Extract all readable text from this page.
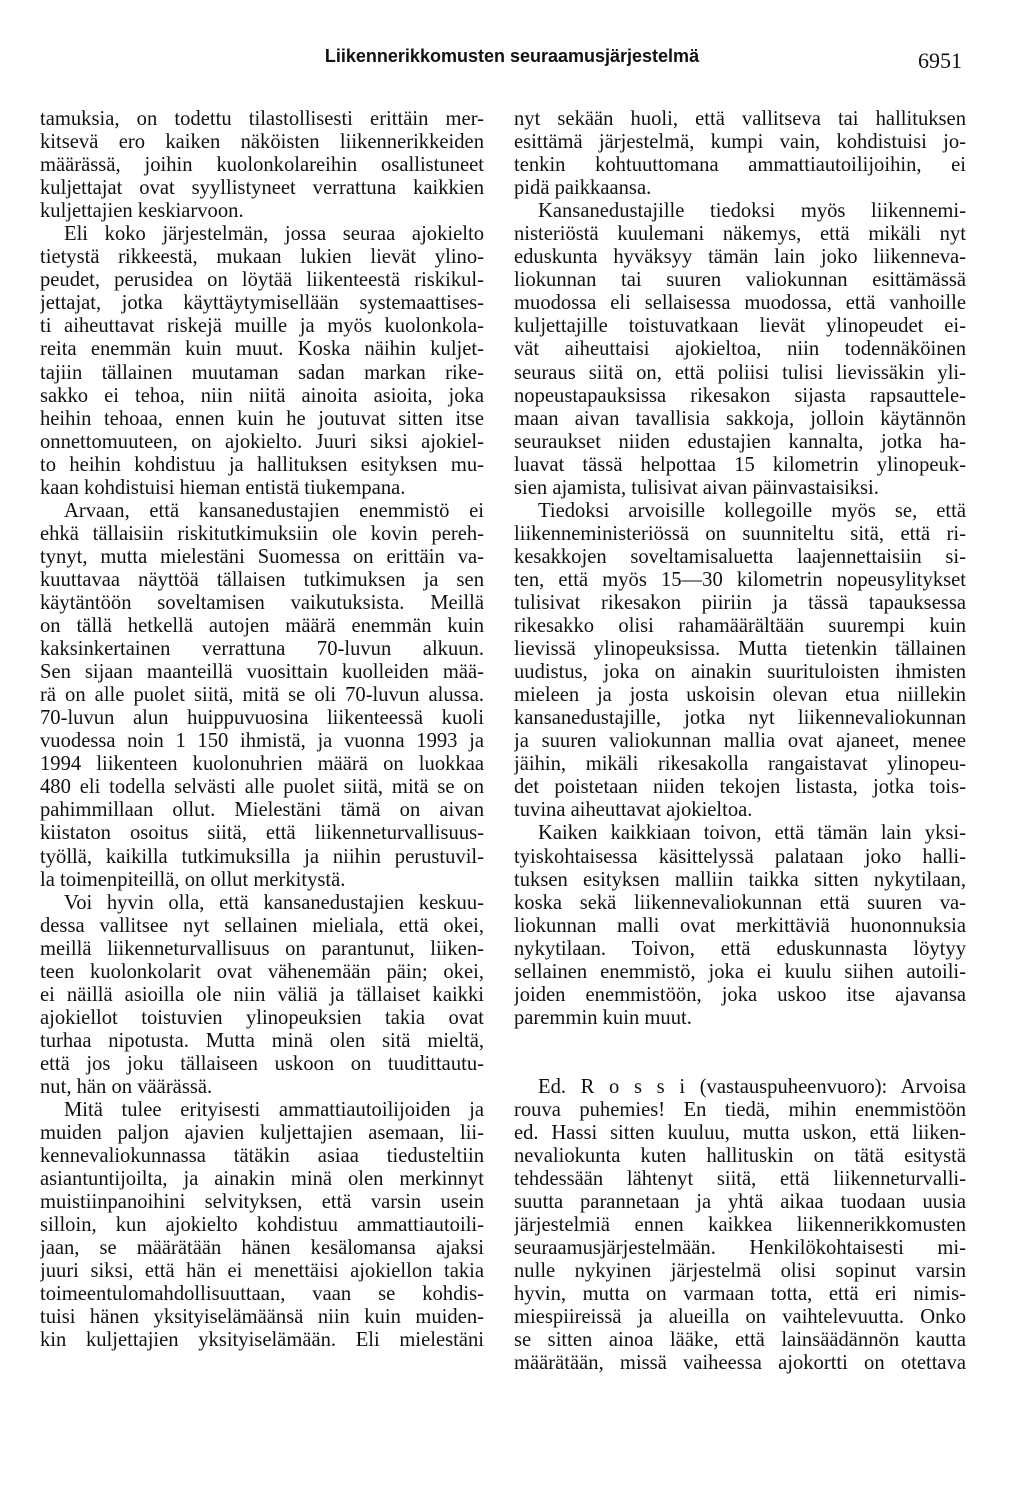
Liikennerikkomusten seuraamusjärjestelmä	6951
tamuksia, on todettu tilastollisesti erittäin mer-
kitsevä ero kaiken näköisten liikennerikkeiden
määrässä, joihin kuolonkolareihin osallistuneet
kuljettajat ovat syyllistyneet verrattuna kaikkien
kuljettajien keskiarvoon.
Eli koko järjestelmän, jossa seuraa ajokielto
tietystä rikkeestä, mukaan lukien lievät ylino-
peudet, perusidea on löytää liikenteestä riskikul-
jettajat, jotka käyttäytymisellään systemaattises-
ti aiheuttavat riskejä muille ja myös kuolonkola-
reita enemmän kuin muut. Koska näihin kuljet-
tajiin tällainen muutaman sadan markan rike-
sakko ei tehoa, niin niitä ainoita asioita, joka
heihin tehoaa, ennen kuin he joutuvat sitten itse
onnettomuuteen, on ajokielto. Juuri siksi ajokiel-
to heihin kohdistuu ja hallituksen esityksen mu-
kaan kohdistuisi hieman entistä tiukempana.
Arvaan, että kansanedustajien enemmistö ei
ehkä tällaisiin riskitutkimuksiin ole kovin pereh-
tynyt, mutta mielestäni Suomessa on erittäin va-
kuuttavaa näyttöä tällaisen tutkimuksen ja sen
käytäntöön soveltamisen vaikutuksista. Meillä
on tällä hetkellä autojen määrä enemmän kuin
kaksinkertainen verrattuna 70-luvun alkuun.
Sen sijaan maanteillä vuosittain kuolleiden mää-
rä on alle puolet siitä, mitä se oli 70-luvun alussa.
70-luvun alun huippuvuosina liikenteessä kuoli
vuodessa noin 1 150 ihmistä, ja vuonna 1993 ja
1994 liikenteen kuolonuhrien määrä on luokkaa
480 eli todella selvästi alle puolet siitä, mitä se on
pahimmillaan ollut. Mielestäni tämä on aivan
kiistaton osoitus siitä, että liikenneturvallisuus-
työllä, kaikilla tutkimuksilla ja niihin perustuvil-
la toimenpiteillä, on ollut merkitystä.
Voi hyvin olla, että kansanedustajien keskuu-
dessa vallitsee nyt sellainen mieliala, että okei,
meillä liikenneturvallisuus on parantunut, liiken-
teen kuolonkolarit ovat vähenemään päin; okei,
ei näillä asioilla ole niin väliä ja tällaiset kaikki
ajokiellot toistuvien ylinopeuksien takia ovat
turhaa nipotusta. Mutta minä olen sitä mieltä,
että jos joku tällaiseen uskoon on tuudittautu-
nut, hän on väärässä.
Mitä tulee erityisesti ammattiautoilijoiden ja
muiden paljon ajavien kuljettajien asemaan, lii-
kennevaliokunnassa tätäkin asiaa tiedusteltiin
asiantuntijoilta, ja ainakin minä olen merkinnyt
muistiinpanoihini selvityksen, että varsin usein
silloin, kun ajokielto kohdistuu ammattiautoili-
jaan, se määrätään hänen kesälomansa ajaksi
juuri siksi, että hän ei menettäisi ajokiellon takia
toimeentulomahdollisuuttaan, vaan se kohdis-
tuisi hänen yksityiselämäänsä niin kuin muiden-
kin kuljettajien yksityiselämään. Eli mielestäni
nyt sekään huoli, että vallitseva tai hallituksen
esittämä järjestelmä, kumpi vain, kohdistuisi jo-
tenkin kohtuuttomana ammattiautoilijoihin, ei
pidä paikkaansa.
Kansanedustajille tiedoksi myös liikennemi-
nisteriöstä kuulemani näkemys, että mikäli nyt
eduskunta hyväksyy tämän lain joko liikenneva-
liokunnan tai suuren valiokunnan esittämässä
muodossa eli sellaisessa muodossa, että vanhoille
kuljettajille toistuvatkaan lievät ylinopeudet ei-
vät aiheuttaisi ajokieltoa, niin todennäköinen
seuraus siitä on, että poliisi tulisi lievissäkin yli-
nopeustapauksissa rikesakon sijasta rapsauttele-
maan aivan tavallisia sakkoja, jolloin käytännön
seuraukset niiden edustajien kannalta, jotka ha-
luavat tässä helpottaa 15 kilometrin ylinopeuk-
sien ajamista, tulisivat aivan päinvastaisiksi.
Tiedoksi arvoisille kollegoille myös se, että
liikenneministeriössä on suunniteltu sitä, että ri-
kesakkojen soveltamisaluetta laajennettaisiin si-
ten, että myös 15—30 kilometrin nopeusylitykset
tulisivat rikesakon piiriin ja tässä tapauksessa
rikesakko olisi rahamäärältään suurempi kuin
lievissä ylinopeuksissa. Mutta tietenkin tällainen
uudistus, joka on ainakin suurituloisten ihmisten
mieleen ja josta uskoisin olevan etua niillekin
kansanedustajille, jotka nyt liikennevaliokunnan
ja suuren valiokunnan mallia ovat ajaneet, menee
jäihin, mikäli rikesakolla rangaistavat ylinopeu-
det poistetaan niiden tekojen listasta, jotka tois-
tuvina aiheuttavat ajokieltoa.
Kaiken kaikkiaan toivon, että tämän lain yksi-
tyiskohtaisessa käsittelyssä palataan joko halli-
tuksen esityksen malliin taikka sitten nykytilaan,
koska sekä liikennevaliokunnan että suuren va-
liokunnan malli ovat merkittäviä huononnuksia
nykytilaan. Toivon, että eduskunnasta löytyy
sellainen enemmistö, joka ei kuulu siihen autoili-
joiden enemmistöön, joka uskoo itse ajavansa
paremmin kuin muut.
Ed. R o s s i (vastauspuheenvuoro): Arvoisa
rouva puhemies! En tiedä, mihin enemmistöön
ed. Hassi sitten kuuluu, mutta uskon, että liiken-
nevaliokunta kuten hallituskin on tätä esitystä
tehdessään lähtenyt siitä, että liikenneturvalli-
suutta parannetaan ja yhtä aikaa tuodaan uusia
järjestelmiä ennen kaikkea liikennerikkomusten
seuraamusjärjestelmään. Henkilökohtaisesti mi-
nulle nykyinen järjestelmä olisi sopinut varsin
hyvin, mutta on varmaan totta, että eri nimis-
miespiireissä ja alueilla on vaihtelevuutta. Onko
se sitten ainoa lääke, että lainsäädännön kautta
määrätään, missä vaiheessa ajokortti on otettava
